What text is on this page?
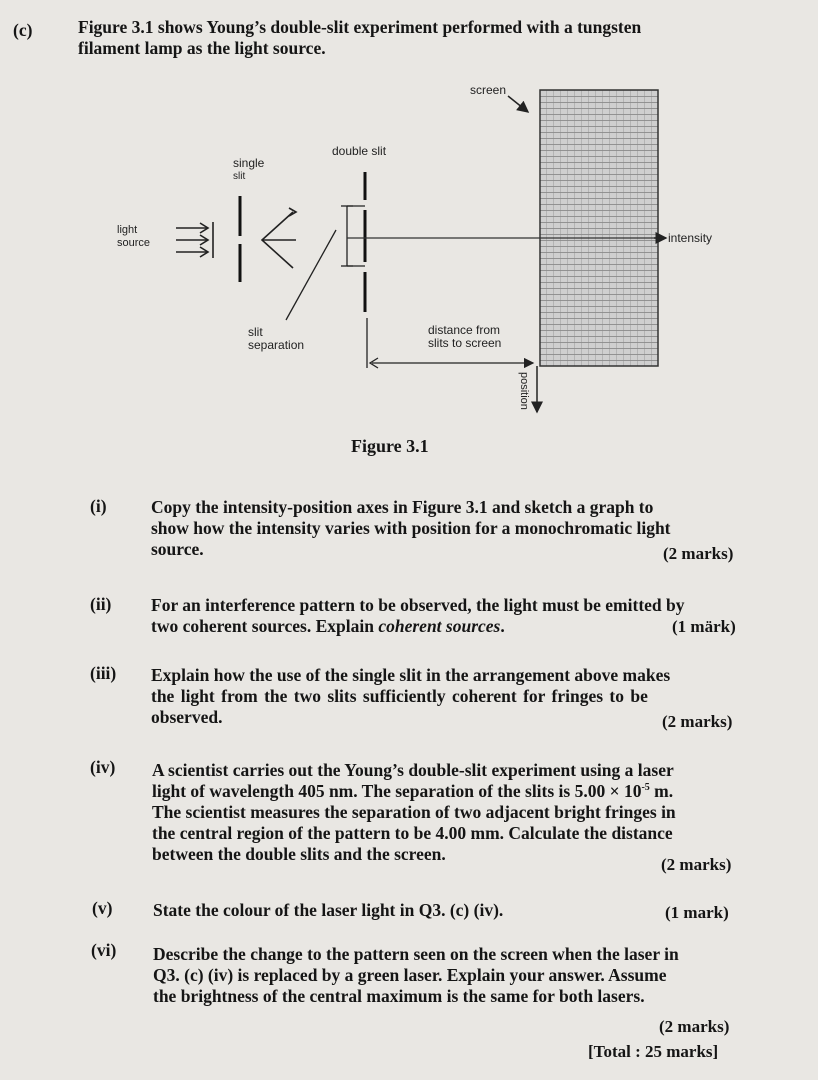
(c)	Figure 3.1 shows Young’s double-slit experiment performed with a tungsten
filament lamp as the light source.
screen
double slit
single
slit
light
source	intensity
slit
separation
distance from
slits to screen
position
Figure 3.1
(i)	Copy the intensity-position axes in Figure 3.1 and sketch a graph to
show how the intensity varies with position for a monochromatic light
source.	(2 marks)
(ii) For an interference pattern to be observed, the light must be emitted by
two coherent sources. Explain coherent sources.	(1 märk)
(iii) Explain how the use of the single slit in the arrangement above makes
the light from the two slits sufficiently coherent for fringes to be
observed.	(2 marks)
(iv) A scientist carries out the Young’s double-slit experiment using a laser
light of wavelength 405 nm. The separation of the slits is $5.00 \times 10^{-5}$ m.
The scientist measures the separation of two adjacent bright fringes in
the central region of the pattern to be 4.00 mm. Calculate the distance
between the double slits and the screen.
(2 marks)
(v) State the colour of the laser light in Q3. (c) (iv).	(1 mark)
(vi) Describe the change to the pattern seen on the screen when the laser in
Q3. (c) (iv) is replaced by a green laser. Explain your answer. Assume
the brightness of the central maximum is the same for both lasers.
(2 marks)
[Total : 25 marks]
